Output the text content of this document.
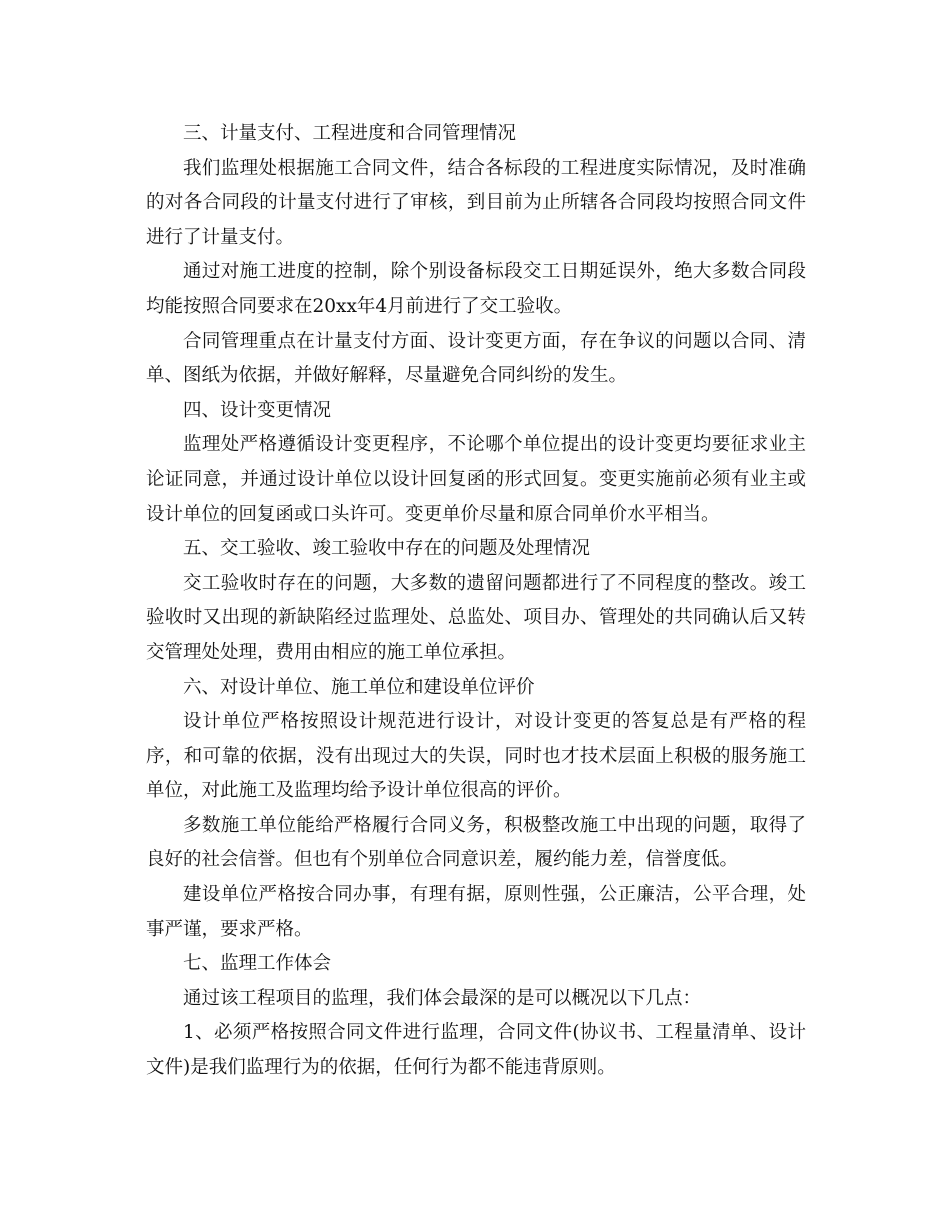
三、计量支付、工程进度和合同管理情况

我们监理处根据施工合同文件，结合各标段的工程进度实际情况，及时准确的对各合同段的计量支付进行了审核，到目前为止所辖各合同段均按照合同文件进行了计量支付。

通过对施工进度的控制，除个别设备标段交工日期延误外，绝大多数合同段均能按照合同要求在20xx年4月前进行了交工验收。

合同管理重点在计量支付方面、设计变更方面，存在争议的问题以合同、清单、图纸为依据，并做好解释，尽量避免合同纠纷的发生。

四、设计变更情况

监理处严格遵循设计变更程序，不论哪个单位提出的设计变更均要征求业主论证同意，并通过设计单位以设计回复函的形式回复。变更实施前必须有业主或设计单位的回复函或口头许可。变更单价尽量和原合同单价水平相当。

五、交工验收、竣工验收中存在的问题及处理情况

交工验收时存在的问题，大多数的遗留问题都进行了不同程度的整改。竣工验收时又出现的新缺陷经过监理处、总监处、项目办、管理处的共同确认后又转交管理处处理，费用由相应的施工单位承担。

六、对设计单位、施工单位和建设单位评价

设计单位严格按照设计规范进行设计，对设计变更的答复总是有严格的程序，和可靠的依据，没有出现过大的失误，同时也才技术层面上积极的服务施工单位，对此施工及监理均给予设计单位很高的评价。

多数施工单位能给严格履行合同义务，积极整改施工中出现的问题，取得了良好的社会信誉。但也有个别单位合同意识差，履约能力差，信誉度低。

建设单位严格按合同办事，有理有据，原则性强，公正廉洁，公平合理，处事严谨，要求严格。

七、监理工作体会

通过该工程项目的监理，我们体会最深的是可以概况以下几点：

1、必须严格按照合同文件进行监理，合同文件(协议书、工程量清单、设计文件)是我们监理行为的依据，任何行为都不能违背原则。
